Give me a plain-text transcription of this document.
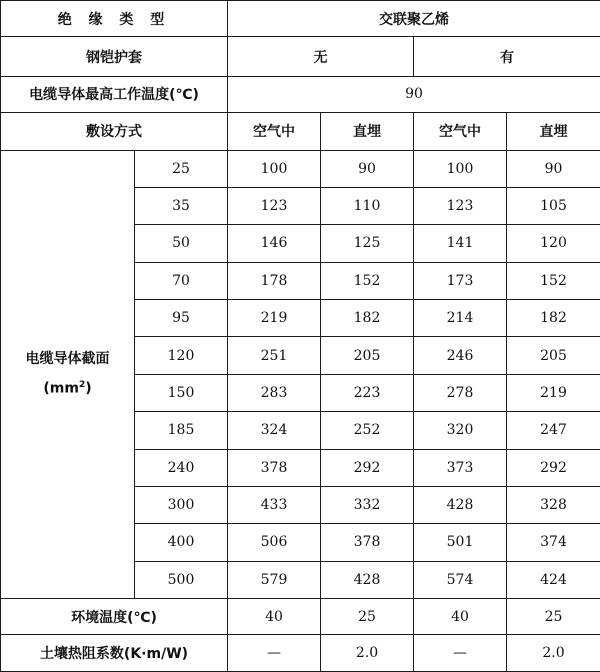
绝 缘 类 型		交联聚乙烯			
钢铠护套		无		有	
电缆导体最高工作温度(℃)		90			
敷设方式		空气中	直埋	空气中	直埋

电缆导体截面
$(mm^2)$	25	100	90	100	90
	35	123	110	123	105
	50	146	125	141	120
	70	178	152	173	152
	95	219	182	214	182
	120	251	205	246	205
	150	283	223	278	219
	185	324	252	320	247
	240	378	292	373	292
	300	433	332	428	328
	400	506	378	501	374
	500	579	428	574	424
环境温度(℃)		40	25	40	25
土壤热阻系数(K·m/W)		—	2.0	—	2.0
